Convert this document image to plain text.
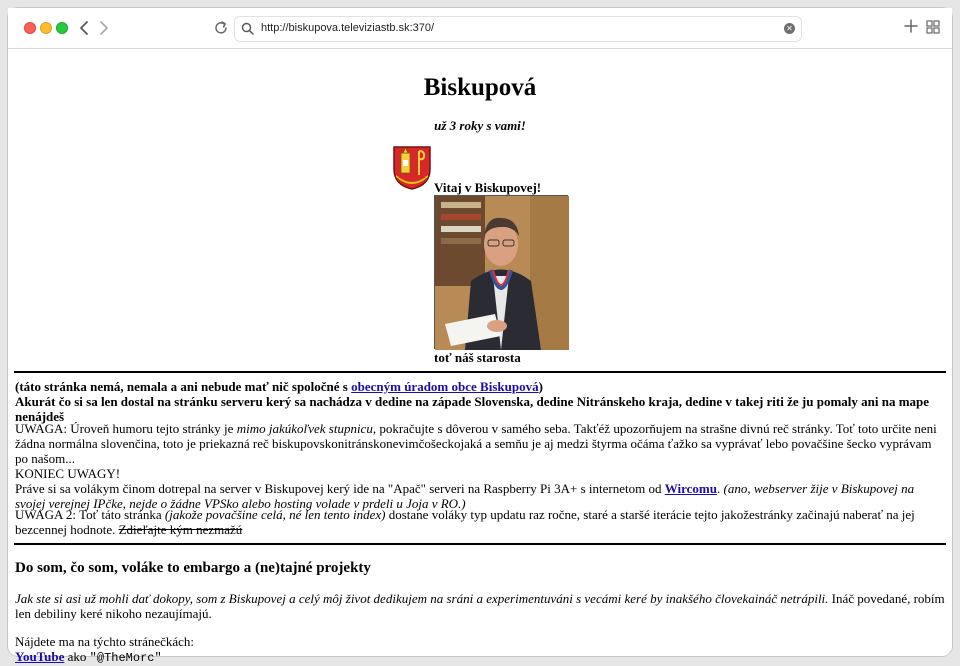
http://biskupova.televiziastb.sk:370/
✕
Biskupová
už 3 roky s vami!
Vitaj v Biskupovej!
toť náš starosta
(táto stránka nemá, nemala a ani nebude mať nič spoločné s obecným úradom obce Biskupová)
Akurát čo si sa len dostal na stránku serveru kerý sa nachádza v dedine na západe Slovenska, dedine Nitránskeho kraja, dedine v takej riti že ju pomaly ani na mape nenájdeš
UWAGA: Úroveň humoru tejto stránky je mimo jakúkoľvek stupnicu, pokračujte s dôverou v samého seba. Takťéž upozorňujem na strašne divnú reč stránky. Toť toto určite neni žádna normálna slovenčina, toto je priekazná reč biskupovskonitránskonevimčošeckojaká a semňu je aj medzi štyrma očáma ťažko sa vyprávať lebo povačšine šecko vyprávam po našom...
KONIEC UWAGY!
Práve si sa volákym činom dotrepal na server v Biskupovej kerý ide na "Apač" serveri na Raspberry Pi 3A+ s internetom od Wircomu. (ano, webserver žije v Biskupovej na svojej verejnej IPčke, nejde o žádne VPSko alebo hosting volade v prdeli u Joja v RO.)
UWAGA 2: Toť táto stránka (jakože povačšine celá, né len tento index) dostane voláky typ updatu raz ročne, staré a staršé iterácie tejto jakožestránky začinajú naberať na jej bezcennej hodnote. Zdieľajte kým nezmažú
Do som, čo som, voláke to embargo a (ne)tajné projekty
Jak ste si asi už mohli dať dokopy, som z Biskupovej a celý môj život dedikujem na sráni a experimentuváni s vecámi keré by inakšého človekaináč netrápili. Ináč povedané, robím len debiliny keré nikoho nezaujímajú.
Nájdete ma na týchto stránečkách:
YouTube ako "@TheMorc"
